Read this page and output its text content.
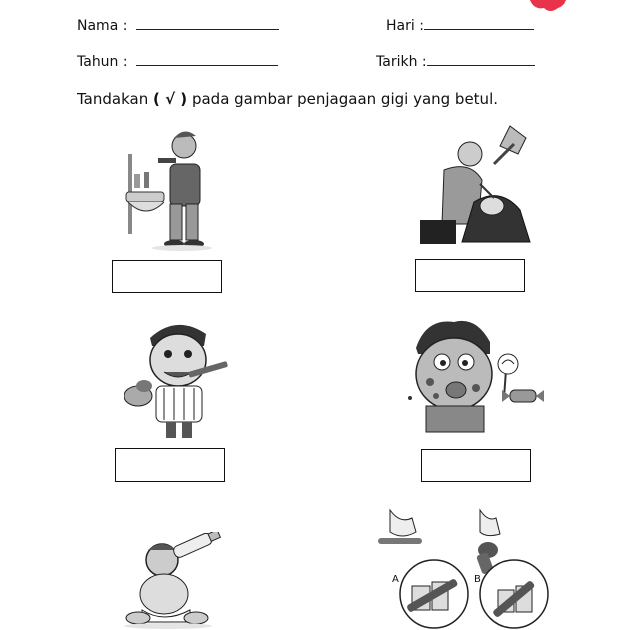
Nama :	Hari :
Tahun :	Tarikh :
Tandakan ( √ ) pada gambar penjagaan gigi yang betul.
A	B
